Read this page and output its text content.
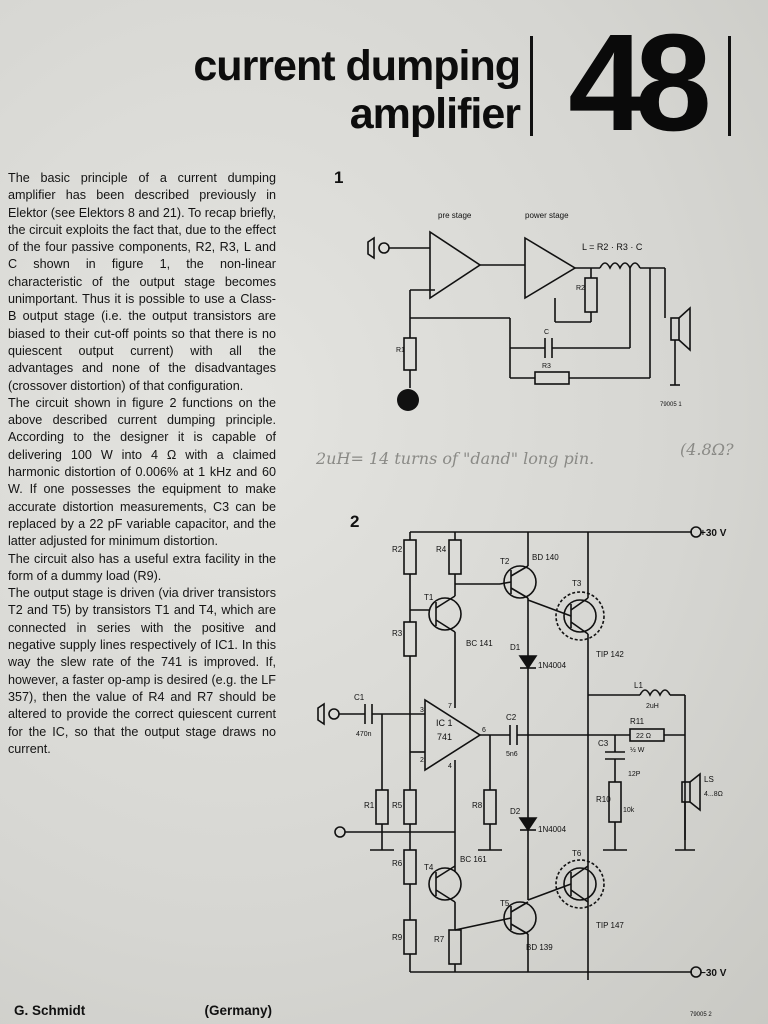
current dumping
amplifier 48

The basic principle of a current dumping amplifier has been described previously in Elektor (see Elektors 8 and 21). To recap briefly, the circuit exploits the fact that, due to the effect of the four passive components, R2, R3, L and C shown in figure 1, the non-linear characteristic of the output stage becomes unimportant. Thus it is possible to use a Class-B output stage (i.e. the output transistors are biased to their cut-off points so that there is no quiescent output current) with all the advantages and none of the disadvantages (crossover distortion) of that configuration.

The circuit shown in figure 2 functions on the above described current dumping principle. According to the designer it is capable of delivering 100 W into 4 Ω with a claimed harmonic distortion of 0.006% at 1 kHz and 60 W. If one possesses the equipment to make accurate distortion measurements, C3 can be replaced by a 22 pF variable capacitor, and the latter adjusted for minimum distortion.

The circuit also has a useful extra facility in the form of a dummy load (R9).

The output stage is driven (via driver transistors T2 and T5) by transistors T1 and T4, which are connected in series with the positive and negative supply lines respectively of IC1. In this way the slew rate of the 741 is improved. If, however, a faster op-amp is desired (e.g. the LF 357), then the value of R4 and R7 should be altered to provide the correct quiescent current for the IC, so that the output stage draws no current.

G. Schmidt	(Germany)
1
pre stage	power stage
L = R2 · R3 · C
R2
R1
C
R3
79005 1
2uH= 14 turns of "dand" long pin.	(4.8Ω?
2
+30 V
−30 V
R2
R3
R4
T1
BC 141
T2	BD 140
T3
TIP 142
D1
1N4004
C1
470n
IC 1
741
3
2
7
4
6
C2
5n6
L1
2uH
R11
22 Ω
½ W
C3
12P
R10
10k
LS
4...8Ω
R1 R5	R8
R6
R9	R7
T4
BC 161
D2
1N4004
T6
TIP 147
T5
BD 139
79005 2
